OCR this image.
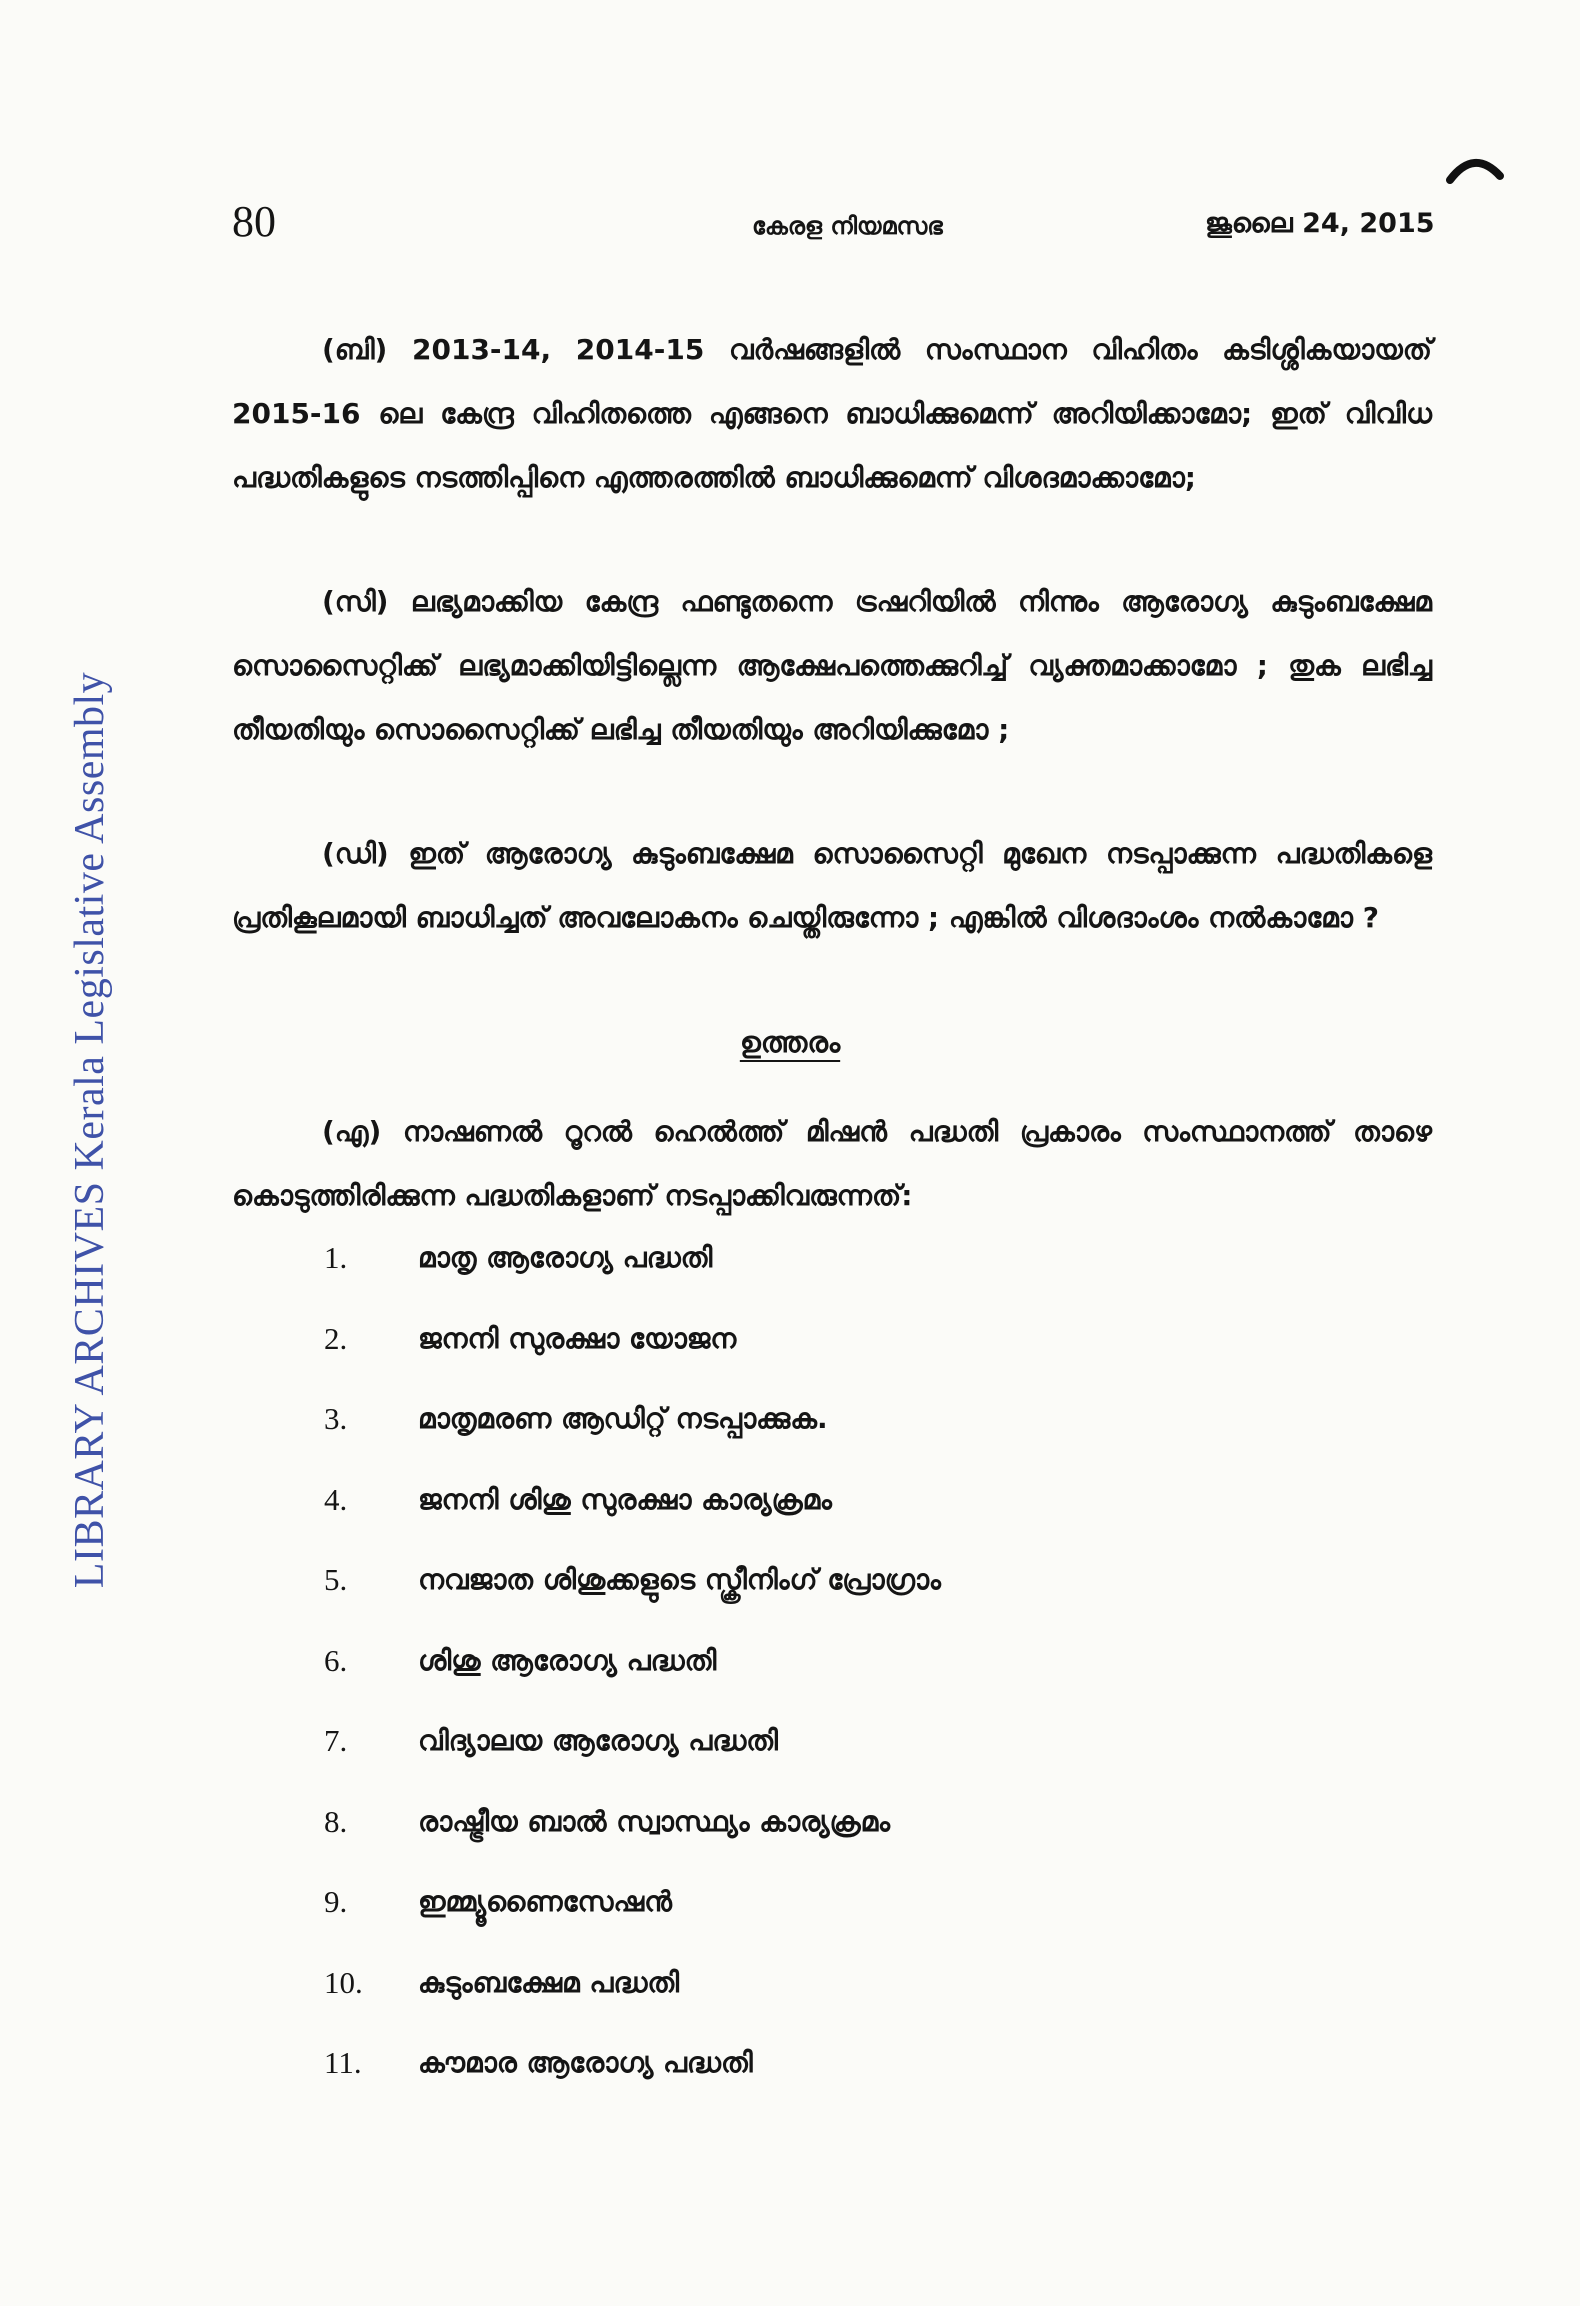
LIBRARY ARCHIVES Kerala Legislative Assembly
80	കേരള നിയമസഭ	ജൂലൈ 24, 2015
(ബി) 2013-14, 2014-15 വർഷങ്ങളിൽ സംസ്ഥാന വിഹിതം കടിശ്ശികയായത് 2015-16 ലെ കേന്ദ്ര വിഹിതത്തെ എങ്ങനെ ബാധിക്കുമെന്ന് അറിയിക്കാമോ; ഇത് വിവിധ പദ്ധതികളുടെ നടത്തിപ്പിനെ എത്തരത്തിൽ ബാധിക്കുമെന്ന് വിശദമാക്കാമോ;
(സി) ലഭ്യമാക്കിയ കേന്ദ്ര ഫണ്ടുതന്നെ ട്രഷറിയിൽ നിന്നും ആരോഗ്യ കുടുംബക്ഷേമ സൊസൈറ്റിക്ക് ലഭ്യമാക്കിയിട്ടില്ലെന്ന ആക്ഷേപത്തെക്കുറിച്ച് വ്യക്തമാക്കാമോ ; തുക ലഭിച്ച തീയതിയും സൊസൈറ്റിക്ക് ലഭിച്ച തീയതിയും അറിയിക്കുമോ ;
(ഡി) ഇത് ആരോഗ്യ കുടുംബക്ഷേമ സൊസൈറ്റി മുഖേന നടപ്പാക്കുന്ന പദ്ധതികളെ പ്രതികൂലമായി ബാധിച്ചത് അവലോകനം ചെയ്തിരുന്നോ ; എങ്കിൽ വിശദാംശം നൽകാമോ ?
ഉത്തരം
(എ) നാഷണൽ റൂറൽ ഹെൽത്ത് മിഷൻ പദ്ധതി പ്രകാരം സംസ്ഥാനത്ത് താഴെ കൊടുത്തിരിക്കുന്ന പദ്ധതികളാണ് നടപ്പാക്കിവരുന്നത്:
1.	മാതൃ ആരോഗ്യ പദ്ധതി
2.	ജനനി സുരക്ഷാ യോജന
3.	മാതൃമരണ ആഡിറ്റ് നടപ്പാക്കുക.
4.	ജനനി ശിശു സുരക്ഷാ കാര്യക്രമം
5.	നവജാത ശിശുക്കളുടെ സ്ക്രീനിംഗ് പ്രോഗ്രാം
6.	ശിശു ആരോഗ്യ പദ്ധതി
7.	വിദ്യാലയ ആരോഗ്യ പദ്ധതി
8.	രാഷ്ട്രീയ ബാൽ സ്വാസ്ഥ്യം കാര്യക്രമം
9.	ഇമ്മ്യൂണൈസേഷൻ
10.	കുടുംബക്ഷേമ പദ്ധതി
11.	കൗമാര ആരോഗ്യ പദ്ധതി
